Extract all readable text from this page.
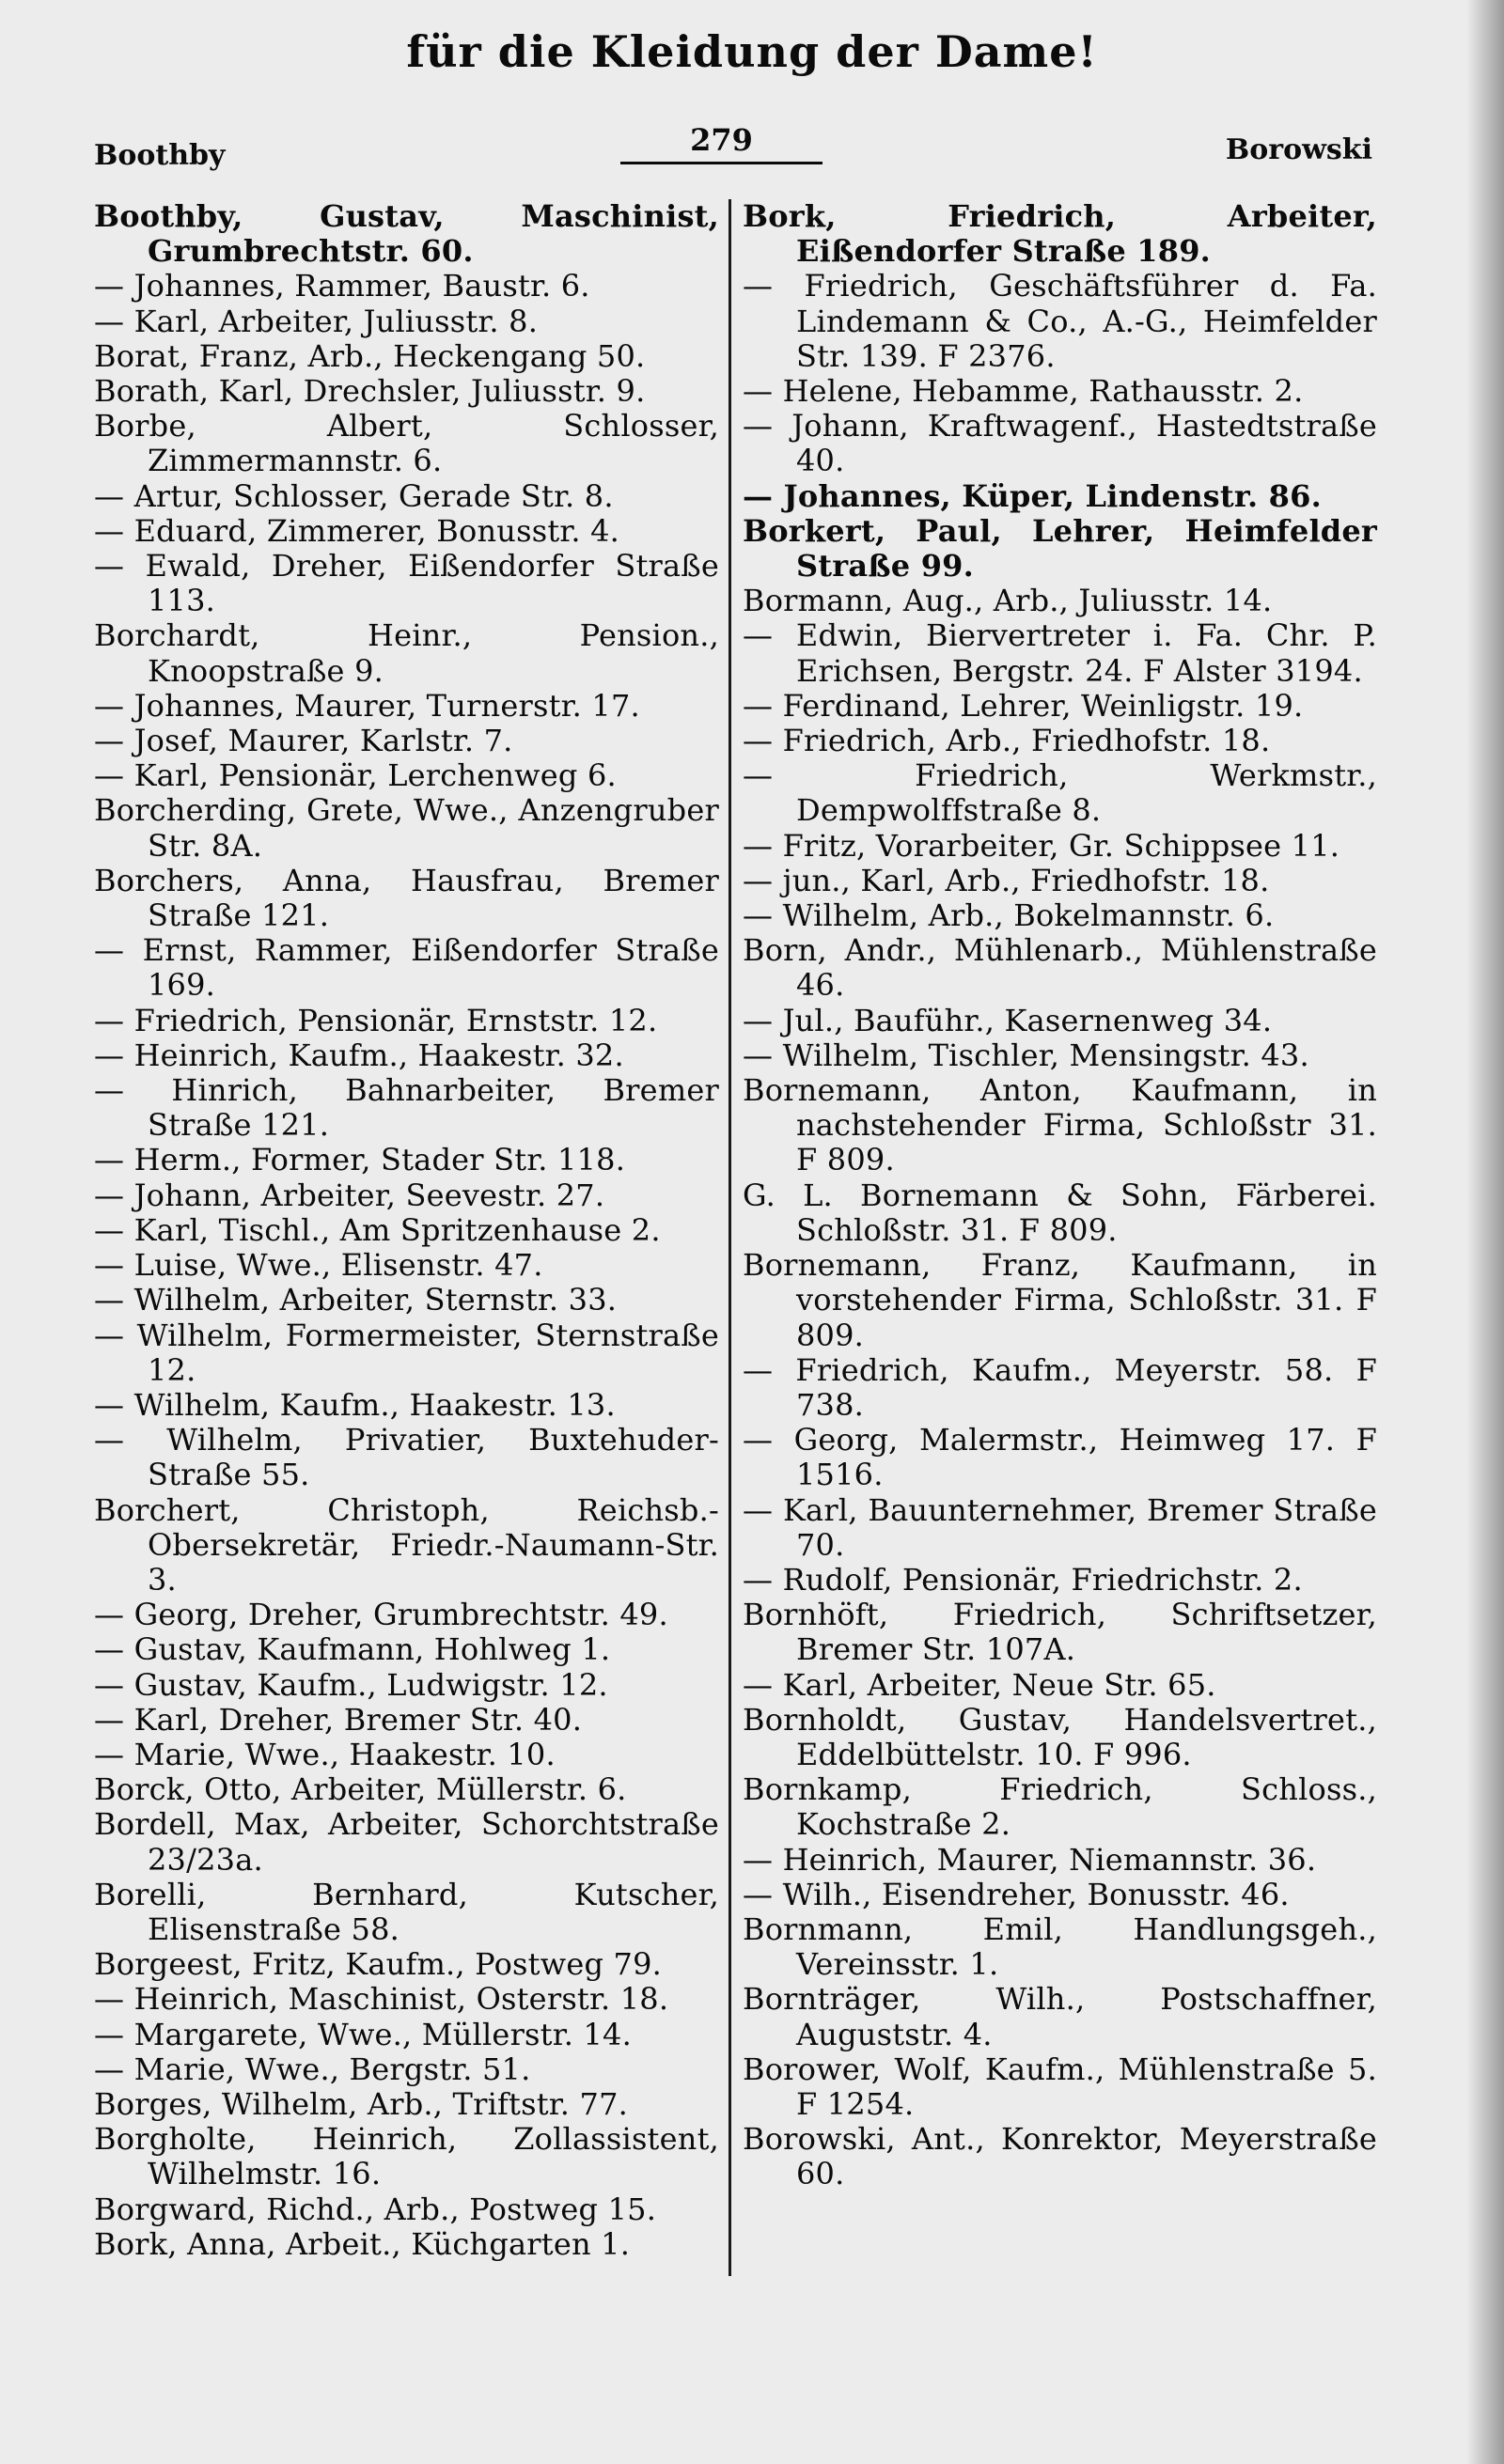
für die Kleidung der Dame!
Boothby	279	Borowski
Boothby, Gustav, Maschinist, Grumbrechtstr. 60.
— Johannes, Rammer, Baustr. 6.
— Karl, Arbeiter, Juliusstr. 8.
Borat, Franz, Arb., Heckengang 50.
Borath, Karl, Drechsler, Juliusstr. 9.
Borbe, Albert, Schlosser, Zimmermannstr. 6.
— Artur, Schlosser, Gerade Str. 8.
— Eduard, Zimmerer, Bonusstr. 4.
— Ewald, Dreher, Eißendorfer Straße 113.
Borchardt, Heinr., Pension., Knoopstraße 9.
— Johannes, Maurer, Turnerstr. 17.
— Josef, Maurer, Karlstr. 7.
— Karl, Pensionär, Lerchenweg 6.
Borcherding, Grete, Wwe., Anzengruber Str. 8A.
Borchers, Anna, Hausfrau, Bremer Straße 121.
— Ernst, Rammer, Eißendorfer Straße 169.
— Friedrich, Pensionär, Ernststr. 12.
— Heinrich, Kaufm., Haakestr. 32.
— Hinrich, Bahnarbeiter, Bremer Straße 121.
— Herm., Former, Stader Str. 118.
— Johann, Arbeiter, Seevestr. 27.
— Karl, Tischl., Am Spritzenhause 2.
— Luise, Wwe., Elisenstr. 47.
— Wilhelm, Arbeiter, Sternstr. 33.
— Wilhelm, Formermeister, Sternstraße 12.
— Wilhelm, Kaufm., Haakestr. 13.
— Wilhelm, Privatier, Buxtehuder-Straße 55.
Borchert, Christoph, Reichsb.-Obersekretär, Friedr.-Naumann-Str. 3.
— Georg, Dreher, Grumbrechtstr. 49.
— Gustav, Kaufmann, Hohlweg 1.
— Gustav, Kaufm., Ludwigstr. 12.
— Karl, Dreher, Bremer Str. 40.
— Marie, Wwe., Haakestr. 10.
Borck, Otto, Arbeiter, Müllerstr. 6.
Bordell, Max, Arbeiter, Schorchtstraße 23/23a.
Borelli, Bernhard, Kutscher, Elisenstraße 58.
Borgeest, Fritz, Kaufm., Postweg 79.
— Heinrich, Maschinist, Osterstr. 18.
— Margarete, Wwe., Müllerstr. 14.
— Marie, Wwe., Bergstr. 51.
Borges, Wilhelm, Arb., Triftstr. 77.
Borgholte, Heinrich, Zollassistent, Wilhelmstr. 16.
Borgward, Richd., Arb., Postweg 15.
Bork, Anna, Arbeit., Küchgarten 1.
Bork, Friedrich, Arbeiter, Eißendorfer Straße 189.
— Friedrich, Geschäftsführer d. Fa. Lindemann & Co., A.-G., Heimfelder Str. 139. F 2376.
— Helene, Hebamme, Rathausstr. 2.
— Johann, Kraftwagenf., Hastedtstraße 40.
— Johannes, Küper, Lindenstr. 86.
Borkert, Paul, Lehrer, Heimfelder Straße 99.
Bormann, Aug., Arb., Juliusstr. 14.
— Edwin, Biervertreter i. Fa. Chr. P. Erichsen, Bergstr. 24. F Alster 3194.
— Ferdinand, Lehrer, Weinligstr. 19.
— Friedrich, Arb., Friedhofstr. 18.
— Friedrich, Werkmstr., Dempwolffstraße 8.
— Fritz, Vorarbeiter, Gr. Schippsee 11.
— jun., Karl, Arb., Friedhofstr. 18.
— Wilhelm, Arb., Bokelmannstr. 6.
Born, Andr., Mühlenarb., Mühlenstraße 46.
— Jul., Bauführ., Kasernenweg 34.
— Wilhelm, Tischler, Mensingstr. 43.
Bornemann, Anton, Kaufmann, in nachstehender Firma, Schloßstr 31. F 809.
G. L. Bornemann & Sohn, Färberei. Schloßstr. 31. F 809.
Bornemann, Franz, Kaufmann, in vorstehender Firma, Schloßstr. 31. F 809.
— Friedrich, Kaufm., Meyerstr. 58. F 738.
— Georg, Malermstr., Heimweg 17. F 1516.
— Karl, Bauunternehmer, Bremer Straße 70.
— Rudolf, Pensionär, Friedrichstr. 2.
Bornhöft, Friedrich, Schriftsetzer, Bremer Str. 107A.
— Karl, Arbeiter, Neue Str. 65.
Bornholdt, Gustav, Handelsvertret., Eddelbüttelstr. 10. F 996.
Bornkamp, Friedrich, Schloss., Kochstraße 2.
— Heinrich, Maurer, Niemannstr. 36.
— Wilh., Eisendreher, Bonusstr. 46.
Bornmann, Emil, Handlungsgeh., Vereinsstr. 1.
Bornträger, Wilh., Postschaffner, Auguststr. 4.
Borower, Wolf, Kaufm., Mühlenstraße 5. F 1254.
Borowski, Ant., Konrektor, Meyerstraße 60.
